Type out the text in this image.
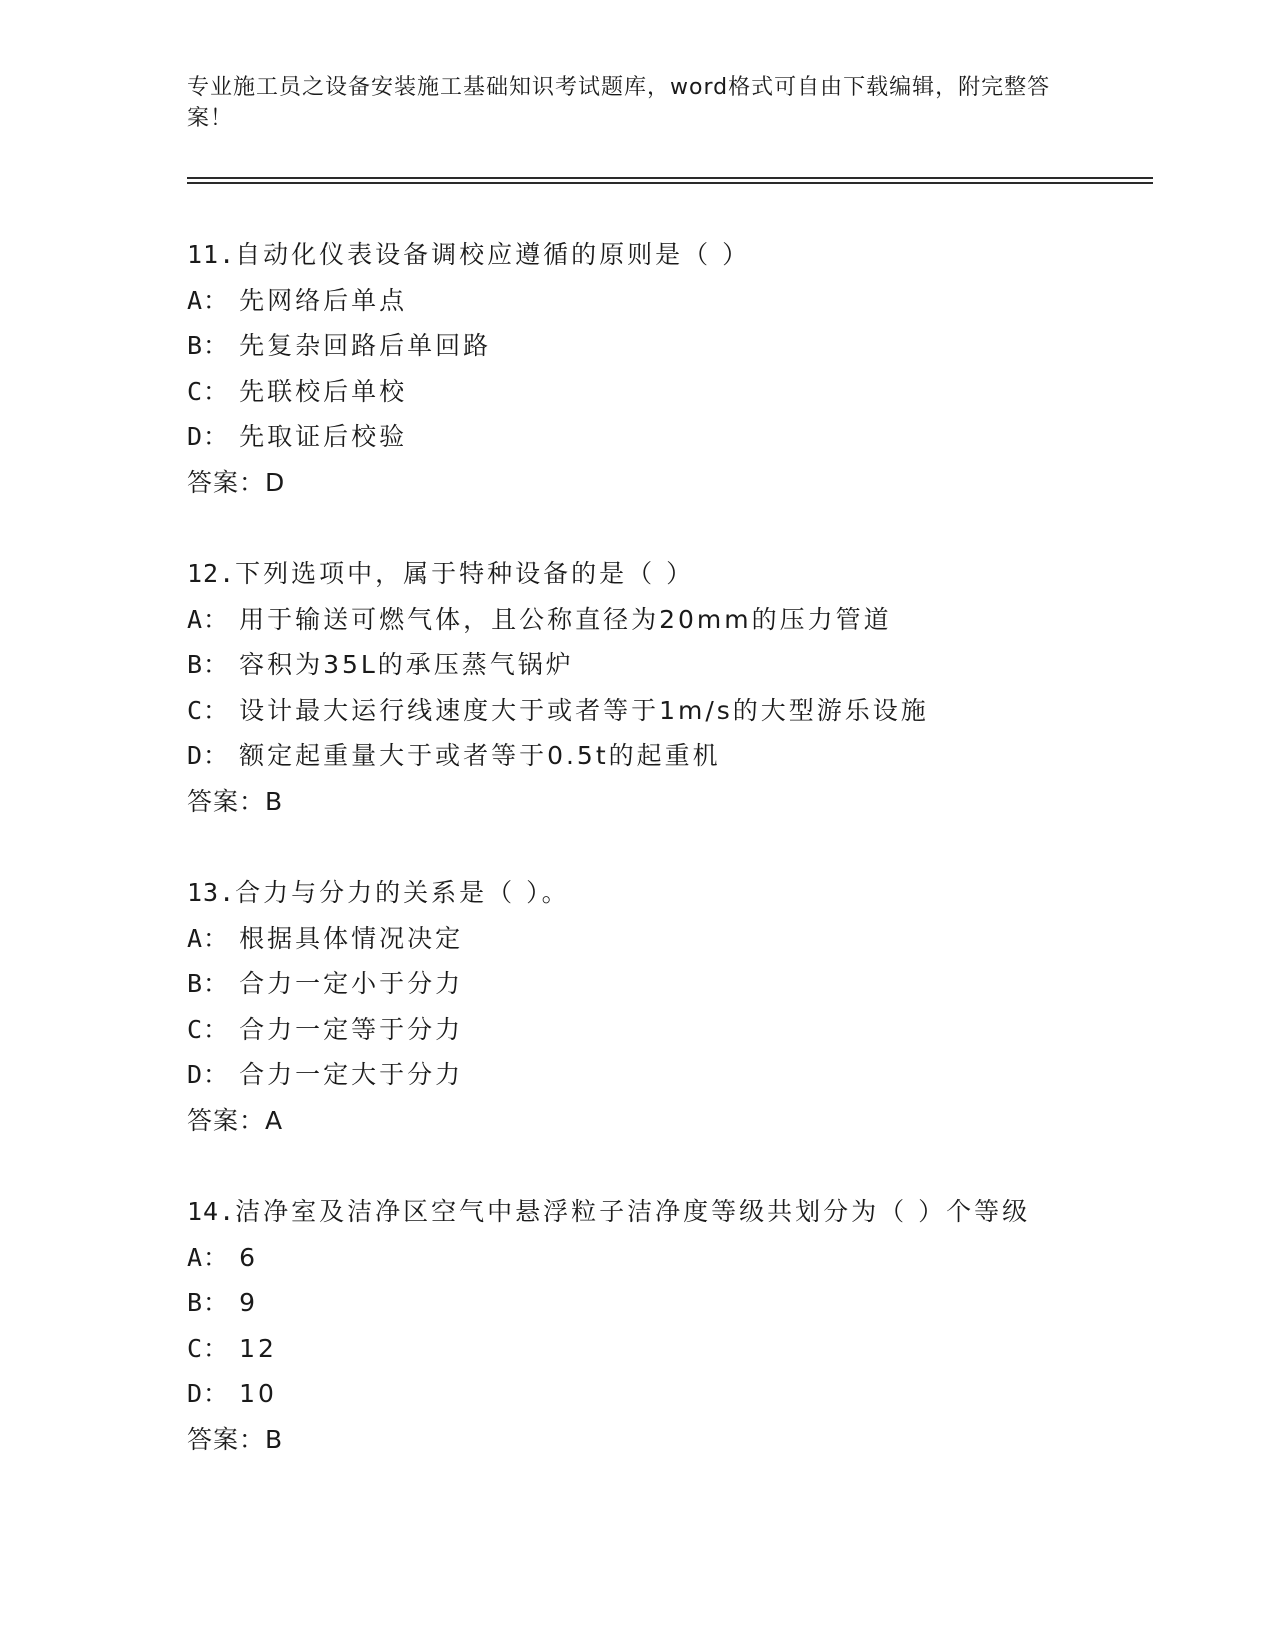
专业施工员之设备安装施工基础知识考试题库，word格式可自由下载编辑，附完整答案！
11.自动化仪表设备调校应遵循的原则是（ ）
A： 先网络后单点
B： 先复杂回路后单回路
C： 先联校后单校
D： 先取证后校验
答案：D
12.下列选项中，属于特种设备的是（ ）
A： 用于输送可燃气体，且公称直径为20mm的压力管道
B： 容积为35L的承压蒸气锅炉
C： 设计最大运行线速度大于或者等于1m/s的大型游乐设施
D： 额定起重量大于或者等于0.5t的起重机
答案：B
13.合力与分力的关系是（ ）。
A： 根据具体情况决定
B： 合力一定小于分力
C： 合力一定等于分力
D： 合力一定大于分力
答案：A
14.洁净室及洁净区空气中悬浮粒子洁净度等级共划分为（ ）个等级
A： 6
B： 9
C： 12
D： 10
答案：B
